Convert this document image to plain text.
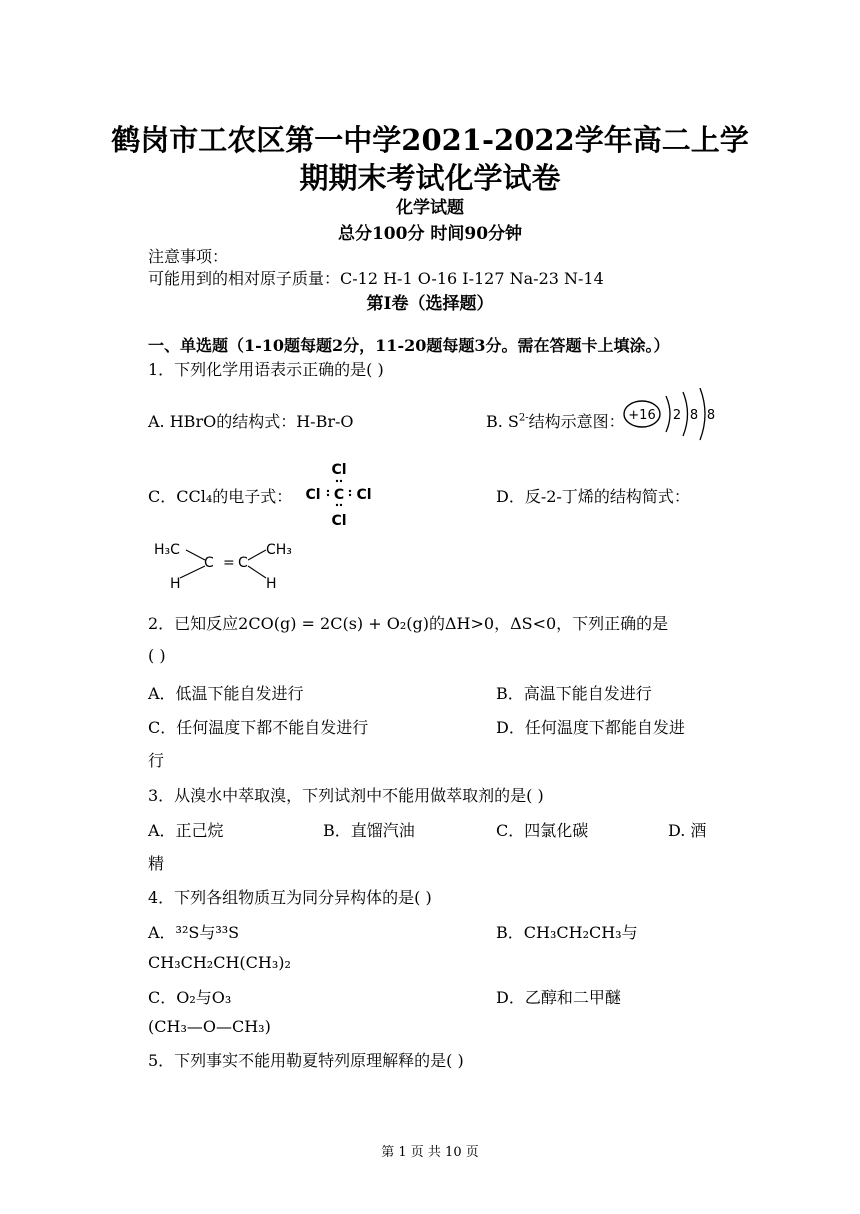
鹤岗市工农区第一中学2021-2022学年高二上学
期期末考试化学试卷
化学试题
总分100分 时间90分钟
注意事项：
可能用到的相对原子质量：C-12 H-1 O-16 I-127 Na-23 N-14
第Ⅰ卷（选择题）
一、单选题（1-10题每题2分，11-20题每题3分。需在答题卡上填涂。）
1．下列化学用语表示正确的是( )
A. HBrO的结构式：H-Br-O	B. $S^{2-}$结构示意图： +16 2 8 8
C．CCl₄的电子式：
Cl
Cl C Cl
Cl
D．反-2-丁烯的结构简式：
H₃C
C = C
CH₃
H	H
2．已知反应2CO(g) = 2C(s) + O₂(g)的ΔH>0，ΔS<0，下列正确的是
( )
A．低温下能自发进行	B．高温下能自发进行
C．任何温度下都不能自发进行	D．任何温度下都能自发进
行
3．从溴水中萃取溴，下列试剂中不能用做萃取剂的是( )
A．正己烷	B．直馏汽油	C．四氯化碳	D. 酒
精
4．下列各组物质互为同分异构体的是( )
A．³²S与³³S	B．CH₃CH₂CH₃与
CH₃CH₂CH(CH₃)₂
C．O₂与O₃	D．乙醇和二甲醚
(CH₃—O—CH₃)
5．下列事实不能用勒夏特列原理解释的是( )
第 1 页 共 10 页
